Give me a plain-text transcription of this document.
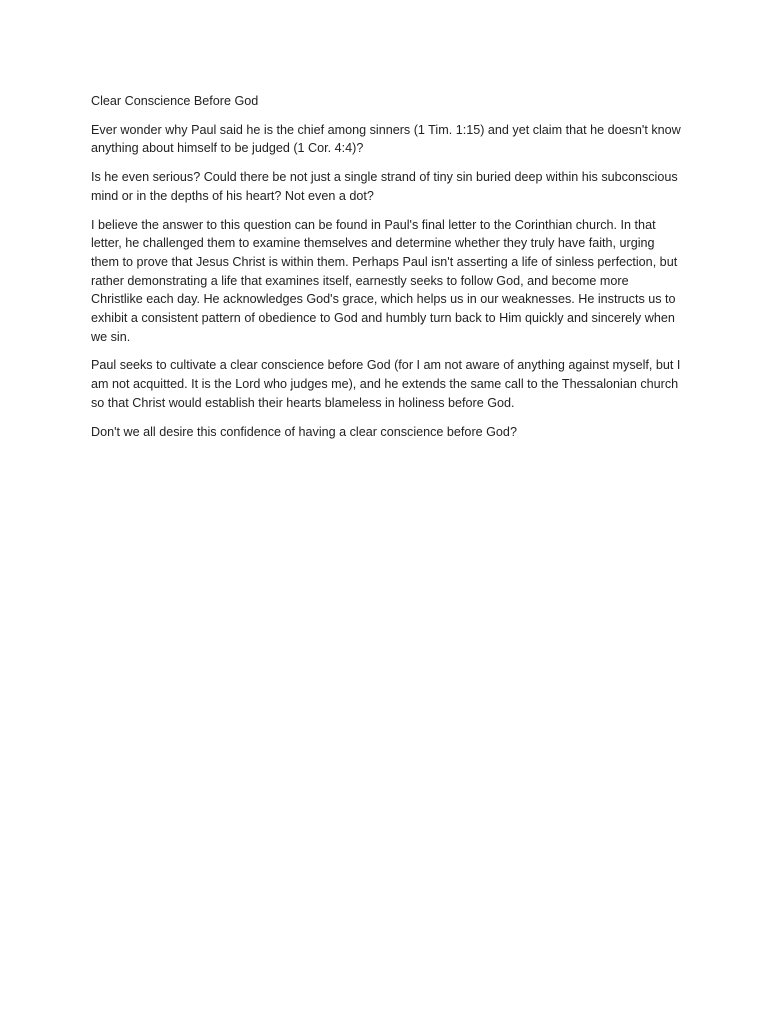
Clear Conscience Before God

Ever wonder why Paul said he is the chief among sinners (1 Tim. 1:15) and yet claim that he doesn't know anything about himself to be judged (1 Cor. 4:4)?

Is he even serious? Could there be not just a single strand of tiny sin buried deep within his subconscious mind or in the depths of his heart? Not even a dot?

I believe the answer to this question can be found in Paul's final letter to the Corinthian church. In that letter, he challenged them to examine themselves and determine whether they truly have faith, urging them to prove that Jesus Christ is within them. Perhaps Paul isn't asserting a life of sinless perfection, but rather demonstrating a life that examines itself, earnestly seeks to follow God, and become more Christlike each day. He acknowledges God's grace, which helps us in our weaknesses. He instructs us to exhibit a consistent pattern of obedience to God and humbly turn back to Him quickly and sincerely when we sin.

Paul seeks to cultivate a clear conscience before God (for I am not aware of anything against myself, but I am not acquitted. It is the Lord who judges me), and he extends the same call to the Thessalonian church so that Christ would establish their hearts blameless in holiness before God.

Don't we all desire this confidence of having a clear conscience before God?
